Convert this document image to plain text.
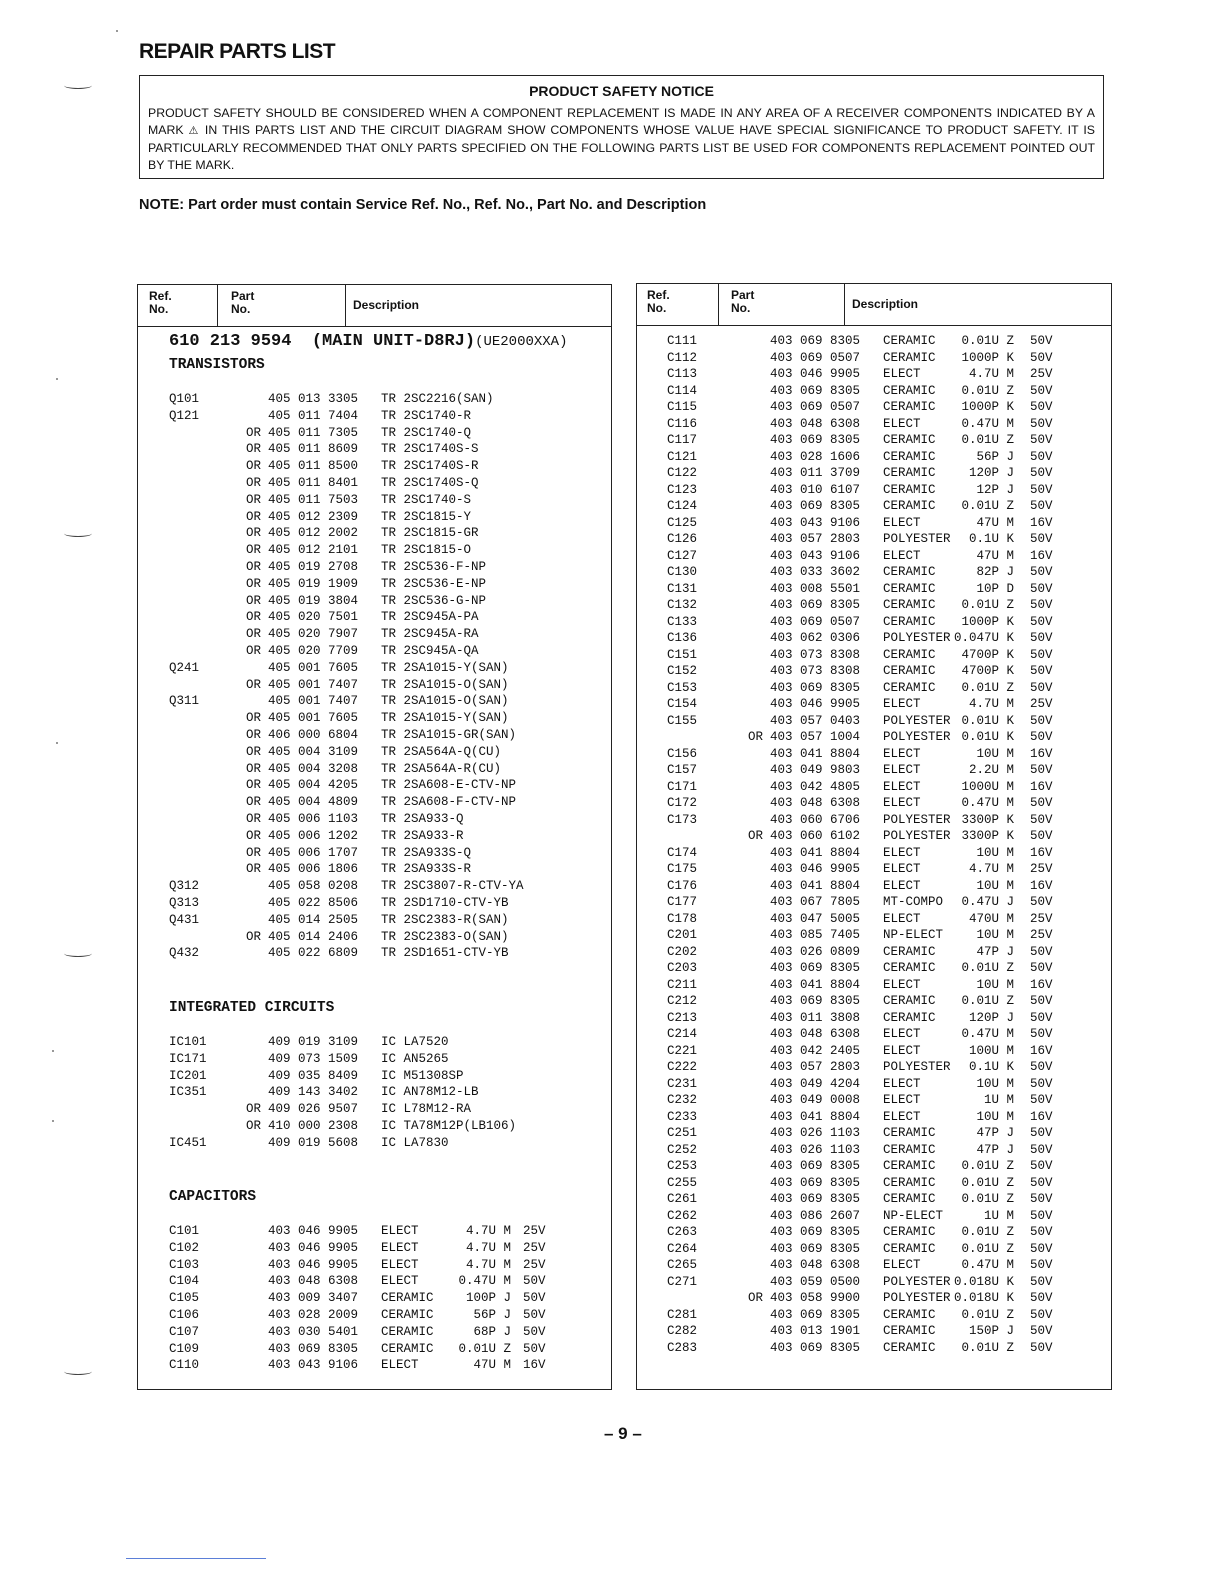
REPAIR PARTS LIST
PRODUCT SAFETY NOTICE
PRODUCT SAFETY SHOULD BE CONSIDERED WHEN A COMPONENT REPLACEMENT IS MADE IN ANY AREA OF A RECEIVER COMPONENTS INDICATED BY A MARK ⚠ IN THIS PARTS LIST AND THE CIRCUIT DIAGRAM SHOW COMPONENTS WHOSE VALUE HAVE SPECIAL SIGNIFICANCE TO PRODUCT SAFETY. IT IS PARTICULARLY RECOMMENDED THAT ONLY PARTS SPECIFIED ON THE FOLLOWING PARTS LIST BE USED FOR COMPONENTS REPLACEMENT POINTED OUT BY THE MARK.
NOTE: Part order must contain Service Ref. No., Ref. No., Part No. and Description
Ref.
No.
Part
No.	Description
610 213 9594  (MAIN UNIT-D8RJ)(UE2000XXA)
TRANSISTORS
Q101	405 013 3305 TR 2SC2216(SAN)
Q121	405 011 7404 TR 2SC1740-R
OR 405 011 7305 TR 2SC1740-Q
OR 405 011 8609 TR 2SC1740S-S
OR 405 011 8500 TR 2SC1740S-R
OR 405 011 8401 TR 2SC1740S-Q
OR 405 011 7503 TR 2SC1740-S
OR 405 012 2309 TR 2SC1815-Y
OR 405 012 2002 TR 2SC1815-GR
OR 405 012 2101 TR 2SC1815-O
OR 405 019 2708 TR 2SC536-F-NP
OR 405 019 1909 TR 2SC536-E-NP
OR 405 019 3804 TR 2SC536-G-NP
OR 405 020 7501 TR 2SC945A-PA
OR 405 020 7907 TR 2SC945A-RA
OR 405 020 7709 TR 2SC945A-QA
Q241	405 001 7605 TR 2SA1015-Y(SAN)
OR 405 001 7407 TR 2SA1015-O(SAN)
Q311	405 001 7407 TR 2SA1015-O(SAN)
OR 405 001 7605 TR 2SA1015-Y(SAN)
OR 406 000 6804 TR 2SA1015-GR(SAN)
OR 405 004 3109 TR 2SA564A-Q(CU)
OR 405 004 3208 TR 2SA564A-R(CU)
OR 405 004 4205 TR 2SA608-E-CTV-NP
OR 405 004 4809 TR 2SA608-F-CTV-NP
OR 405 006 1103 TR 2SA933-Q
OR 405 006 1202 TR 2SA933-R
OR 405 006 1707 TR 2SA933S-Q
OR 405 006 1806 TR 2SA933S-R
Q312	405 058 0208 TR 2SC3807-R-CTV-YA
Q313	405 022 8506 TR 2SD1710-CTV-YB
Q431	405 014 2505 TR 2SC2383-R(SAN)
OR 405 014 2406 TR 2SC2383-O(SAN)
Q432	405 022 6809 TR 2SD1651-CTV-YB
INTEGRATED CIRCUITS
IC101	409 019 3109 IC LA7520
IC171	409 073 1509 IC AN5265
IC201	409 035 8409 IC M51308SP
IC351	409 143 3402 IC AN78M12-LB
OR 409 026 9507 IC L78M12-RA
OR 410 000 2308 IC TA78M12P(LB106)
IC451	409 019 5608 IC LA7830
CAPACITORS
C101	403 046 9905 ELECT	4.7U M 25V
C102	403 046 9905 ELECT	4.7U M 25V
C103	403 046 9905 ELECT	4.7U M 25V
C104	403 048 6308 ELECT	0.47U M 50V
C105	403 009 3407 CERAMIC	100P J 50V
C106	403 028 2009 CERAMIC	56P J 50V
C107	403 030 5401 CERAMIC	68P J 50V
C109	403 069 8305 CERAMIC	0.01U Z 50V
C110	403 043 9106 ELECT	47U M 16V
Ref.
No.
Part
No.	Description
C111	403 069 8305 CERAMIC	0.01U Z 50V
C112	403 069 0507 CERAMIC	1000P K 50V
C113	403 046 9905 ELECT	4.7U M 25V
C114	403 069 8305 CERAMIC	0.01U Z 50V
C115	403 069 0507 CERAMIC	1000P K 50V
C116	403 048 6308 ELECT	0.47U M 50V
C117	403 069 8305 CERAMIC	0.01U Z 50V
C121	403 028 1606 CERAMIC	56P J 50V
C122	403 011 3709 CERAMIC	120P J 50V
C123	403 010 6107 CERAMIC	12P J 50V
C124	403 069 8305 CERAMIC	0.01U Z 50V
C125	403 043 9106 ELECT	47U M 16V
C126	403 057 2803 POLYESTER	0.1U K 50V
C127	403 043 9106 ELECT	47U M 16V
C130	403 033 3602 CERAMIC	82P J 50V
C131	403 008 5501 CERAMIC	10P D 50V
C132	403 069 8305 CERAMIC	0.01U Z 50V
C133	403 069 0507 CERAMIC	1000P K 50V
C136	403 062 0306 POLYESTER 0.047U K 50V
C151	403 073 8308 CERAMIC	4700P K 50V
C152	403 073 8308 CERAMIC	4700P K 50V
C153	403 069 8305 CERAMIC	0.01U Z 50V
C154	403 046 9905 ELECT	4.7U M 25V
C155	403 057 0403 POLYESTER 0.01U K 50V
OR 403 057 1004 POLYESTER 0.01U K 50V
C156	403 041 8804 ELECT	10U M 16V
C157	403 049 9803 ELECT	2.2U M 50V
C171	403 042 4805 ELECT	1000U M 16V
C172	403 048 6308 ELECT	0.47U M 50V
C173	403 060 6706 POLYESTER 3300P K 50V
OR 403 060 6102 POLYESTER 3300P K 50V
C174	403 041 8804 ELECT	10U M 16V
C175	403 046 9905 ELECT	4.7U M 25V
C176	403 041 8804 ELECT	10U M 16V
C177	403 067 7805 MT-COMPO	0.47U J 50V
C178	403 047 5005 ELECT	470U M 25V
C201	403 085 7405 NP-ELECT	10U M 25V
C202	403 026 0809 CERAMIC	47P J 50V
C203	403 069 8305 CERAMIC	0.01U Z 50V
C211	403 041 8804 ELECT	10U M 16V
C212	403 069 8305 CERAMIC	0.01U Z 50V
C213	403 011 3808 CERAMIC	120P J 50V
C214	403 048 6308 ELECT	0.47U M 50V
C221	403 042 2405 ELECT	100U M 16V
C222	403 057 2803 POLYESTER	0.1U K 50V
C231	403 049 4204 ELECT	10U M 50V
C232	403 049 0008 ELECT	1U M 50V
C233	403 041 8804 ELECT	10U M 16V
C251	403 026 1103 CERAMIC	47P J 50V
C252	403 026 1103 CERAMIC	47P J 50V
C253	403 069 8305 CERAMIC	0.01U Z 50V
C255	403 069 8305 CERAMIC	0.01U Z 50V
C261	403 069 8305 CERAMIC	0.01U Z 50V
C262	403 086 2607 NP-ELECT	1U M 50V
C263	403 069 8305 CERAMIC	0.01U Z 50V
C264	403 069 8305 CERAMIC	0.01U Z 50V
C265	403 048 6308 ELECT	0.47U M 50V
C271	403 059 0500 POLYESTER 0.018U K 50V
OR 403 058 9900 POLYESTER 0.018U K 50V
C281	403 069 8305 CERAMIC	0.01U Z 50V
C282	403 013 1901 CERAMIC	150P J 50V
C283	403 069 8305 CERAMIC	0.01U Z 50V
– 9 –
